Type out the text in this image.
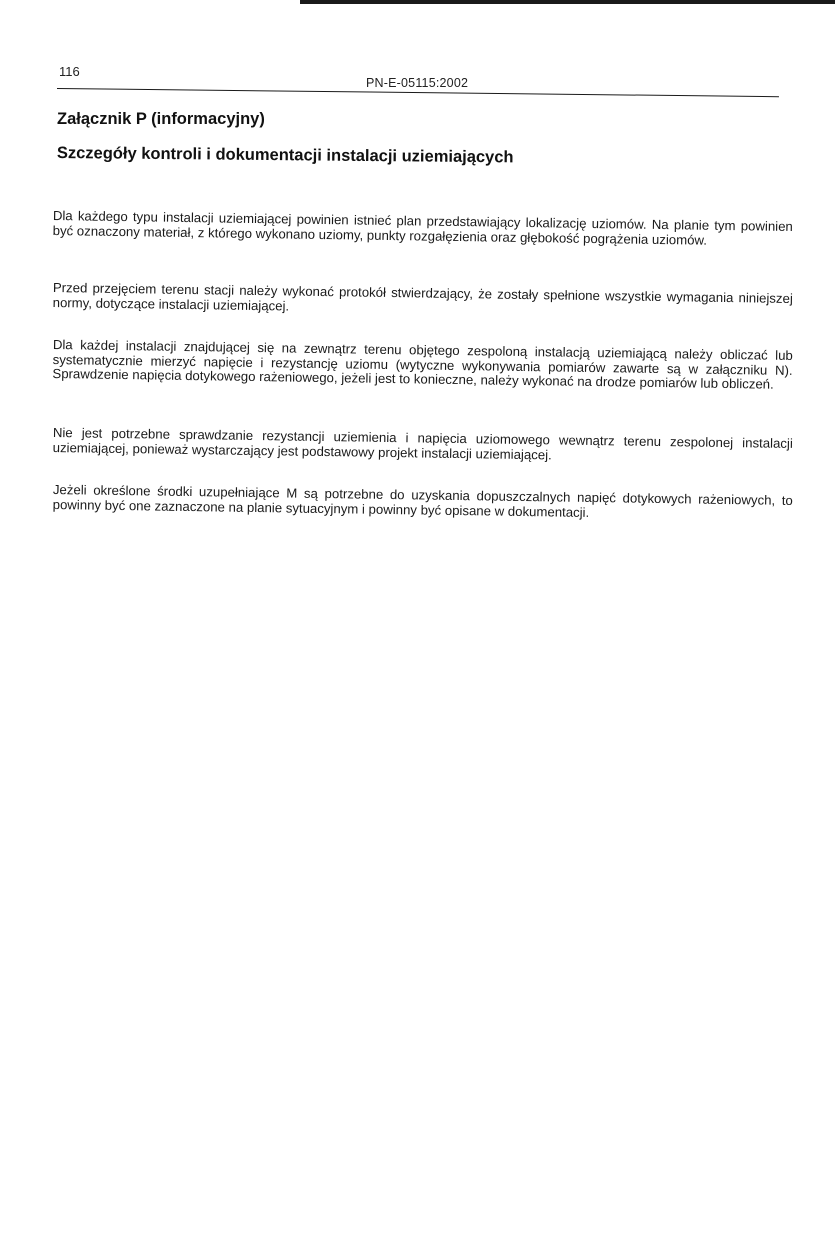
116
PN-E-05115:2002
Załącznik P (informacyjny)
Szczegóły kontroli i dokumentacji instalacji uziemiających

Dla każdego typu instalacji uziemiającej powinien istnieć plan przedstawiający lokalizację uziomów. Na planie tym powinien być oznaczony materiał, z którego wykonano uziomy, punkty rozgałęzienia oraz głębokość pogrążenia uziomów.

Przed przejęciem terenu stacji należy wykonać protokół stwierdzający, że zostały spełnione wszystkie wymagania niniejszej normy, dotyczące instalacji uziemiającej.

Dla każdej instalacji znajdującej się na zewnątrz terenu objętego zespoloną instalacją uziemiającą należy obliczać lub systematycznie mierzyć napięcie i rezystancję uziomu (wytyczne wykonywania pomiarów zawarte są w załączniku N). Sprawdzenie napięcia dotykowego rażeniowego, jeżeli jest to konieczne, należy wykonać na drodze pomiarów lub obliczeń.

Nie jest potrzebne sprawdzanie rezystancji uziemienia i napięcia uziomowego wewnątrz terenu zespolonej instalacji uziemiającej, ponieważ wystarczający jest podstawowy projekt instalacji uziemiającej.

Jeżeli określone środki uzupełniające M są potrzebne do uzyskania dopuszczalnych napięć dotykowych rażeniowych, to powinny być one zaznaczone na planie sytuacyjnym i powinny być opisane w dokumentacji.
